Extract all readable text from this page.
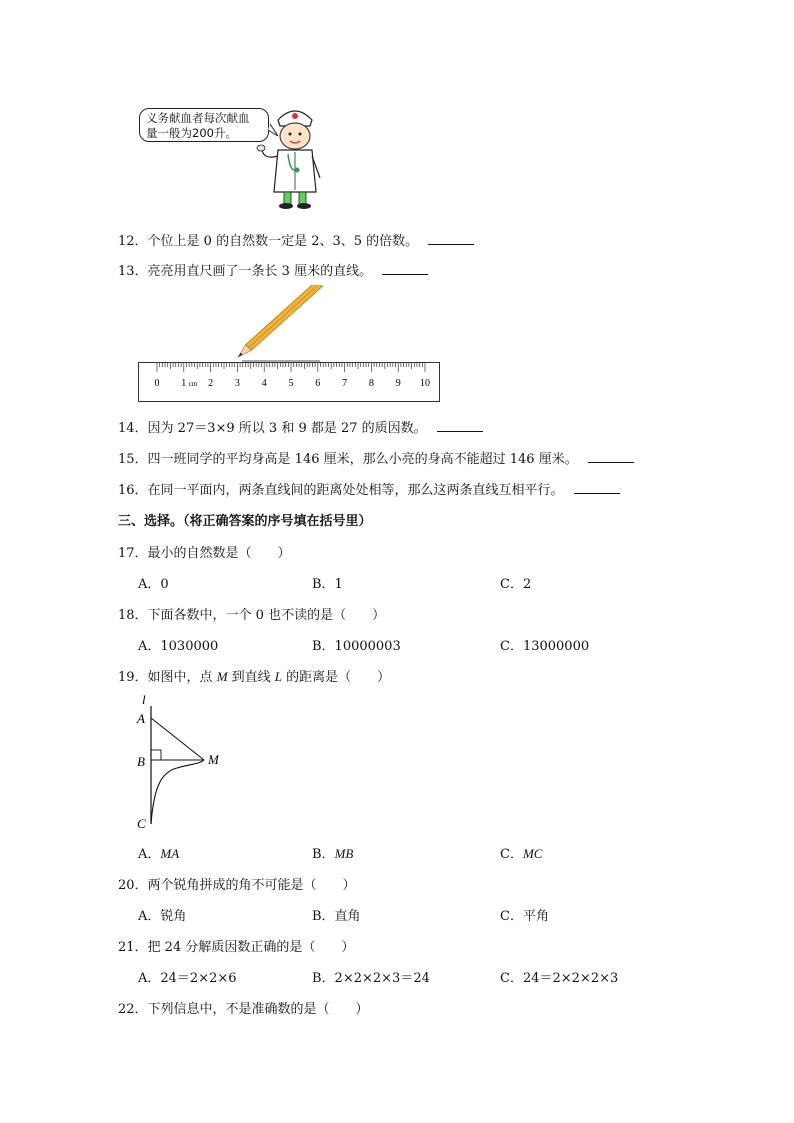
义务献血者每次献血
量一般为200升。
12．个位上是 0 的自然数一定是 2、3、5 的倍数。
13．亮亮用直尺画了一条长 3 厘米的直线。
0 1 2 3 4 5 6 7 8 9 10
cm
14．因为 27＝3×9 所以 3 和 9 都是 27 的质因数。
15．四一班同学的平均身高是 146 厘米，那么小亮的身高不能超过 146 厘米。
16．在同一平面内，两条直线间的距离处处相等，那么这两条直线互相平行。
三、选择。（将正确答案的序号填在括号里）
17．最小的自然数是（　　）
A．0	B．1	C．2
18．下面各数中，一个 0 也不读的是（　　）
A．1030000	B．10000003	C．13000000
19．如图中，点 M 到直线 L 的距离是（　　）
l
A
B
C
M
A．MA	B．MB	C．MC
20．两个锐角拼成的角不可能是（　　）
A．锐角	B．直角	C．平角
21．把 24 分解质因数正确的是（　　）
A．24＝2×2×6	B．2×2×2×3＝24	C．24＝2×2×2×3
22．下列信息中，不是准确数的是（　　）
